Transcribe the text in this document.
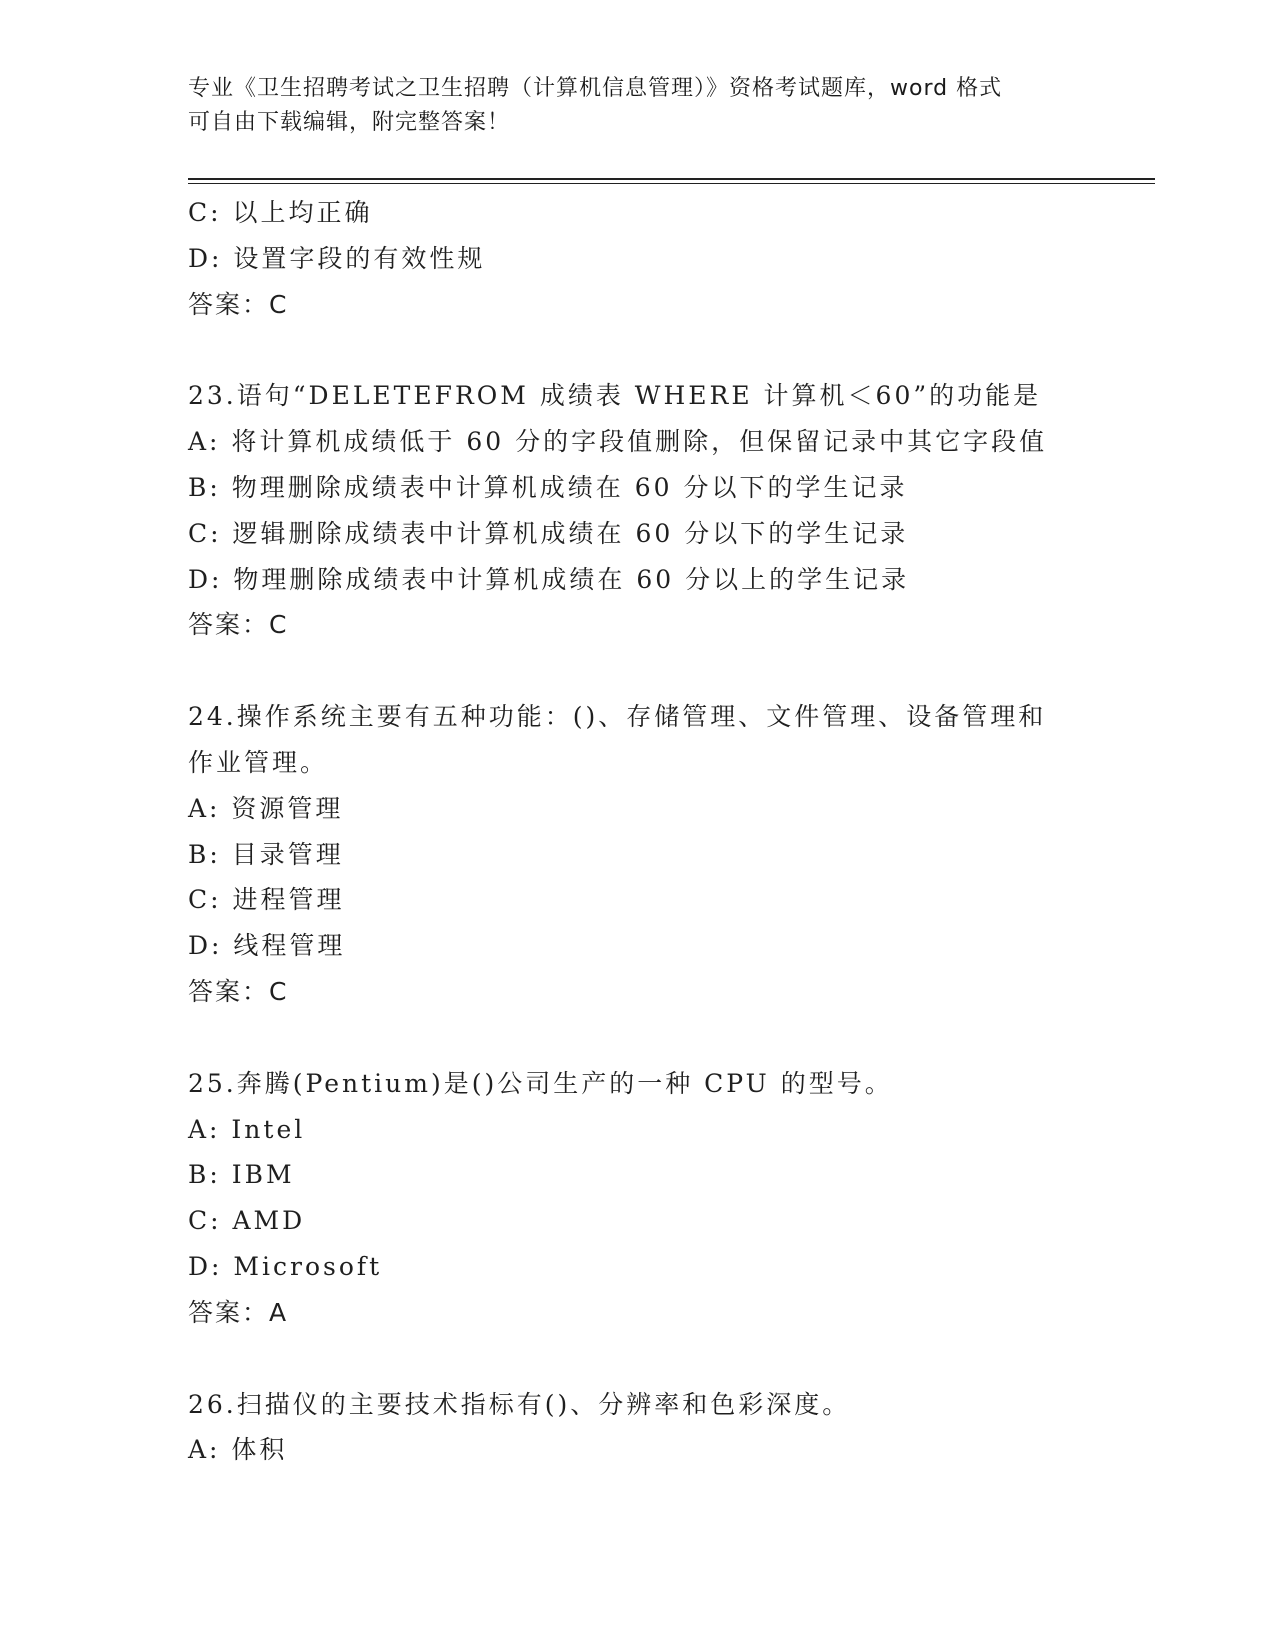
专业《卫生招聘考试之卫生招聘（计算机信息管理）》资格考试题库，word 格式
可自由下载编辑，附完整答案！
C: 以上均正确
D: 设置字段的有效性规
答案：C
23.语句“DELETEFROM 成绩表 WHERE 计算机＜60”的功能是
A: 将计算机成绩低于 60 分的字段值删除，但保留记录中其它字段值
B: 物理删除成绩表中计算机成绩在 60 分以下的学生记录
C: 逻辑删除成绩表中计算机成绩在 60 分以下的学生记录
D: 物理删除成绩表中计算机成绩在 60 分以上的学生记录
答案：C
24.操作系统主要有五种功能：()、存储管理、文件管理、设备管理和
作业管理。
A: 资源管理
B: 目录管理
C: 进程管理
D: 线程管理
答案：C
25.奔腾(Pentium)是()公司生产的一种 CPU 的型号。
A: Intel
B: IBM
C: AMD
D: Microsoft
答案：A
26.扫描仪的主要技术指标有()、分辨率和色彩深度。
A: 体积
